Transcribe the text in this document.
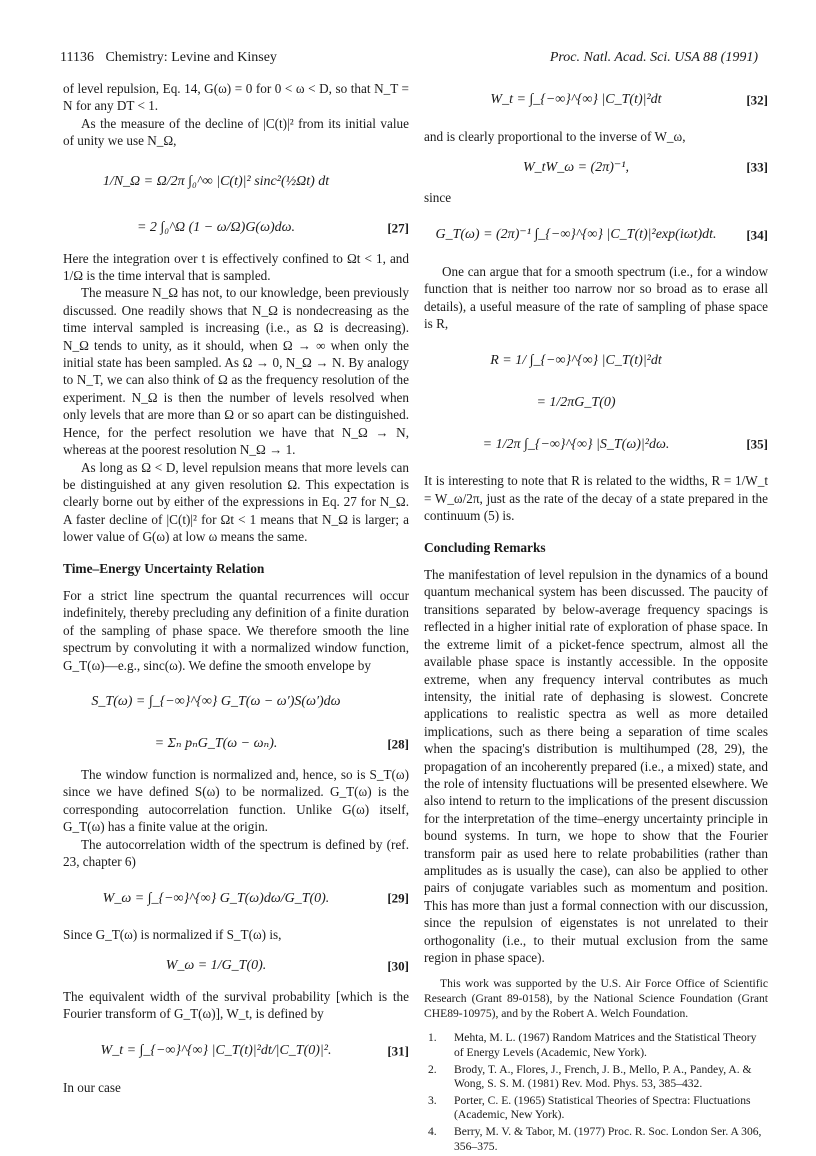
11136 Chemistry: Levine and Kinsey	Proc. Natl. Acad. Sci. USA 88 (1991)

of level repulsion, Eq. 14, G(ω) = 0 for 0 < ω < D, so that N_T = N for any DT < 1.

As the measure of the decline of |C(t)|² from its initial value of unity we use N_Ω,

1/N_Ω = Ω/2π ∫₀^∞ |C(t)|² sinc²(½Ωt) dt
= 2 ∫₀^Ω (1 − ω/Ω)G(ω)dω.	[27]

Here the integration over t is effectively confined to Ωt < 1, and 1/Ω is the time interval that is sampled.

The measure N_Ω has not, to our knowledge, been previously discussed. One readily shows that N_Ω is nondecreasing as the time interval sampled is increasing (i.e., as Ω is decreasing). N_Ω tends to unity, as it should, when Ω → ∞ when only the initial state has been sampled. As Ω → 0, N_Ω → N. By analogy to N_T, we can also think of Ω as the frequency resolution of the experiment. N_Ω is then the number of levels resolved when only levels that are more than Ω or so apart can be distinguished. Hence, for the perfect resolution we have that N_Ω → N, whereas at the poorest resolution N_Ω → 1.

As long as Ω < D, level repulsion means that more levels can be distinguished at any given resolution Ω. This expectation is clearly borne out by either of the expressions in Eq. 27 for N_Ω. A faster decline of |C(t)|² for Ωt < 1 means that N_Ω is larger; a lower value of G(ω) at low ω means the same.

Time–Energy Uncertainty Relation

For a strict line spectrum the quantal recurrences will occur indefinitely, thereby precluding any definition of a finite duration of the sampling of phase space. We therefore smooth the line spectrum by convoluting it with a normalized window function, G_T(ω)—e.g., sinc(ω). We define the smooth envelope by

S_T(ω) = ∫_{−∞}^{∞} G_T(ω − ω′)S(ω′)dω
= Σₙ pₙG_T(ω − ωₙ).	[28]

The window function is normalized and, hence, so is S_T(ω) since we have defined S(ω) to be normalized. G_T(ω) is the corresponding autocorrelation function. Unlike G(ω) itself, G_T(ω) has a finite value at the origin.

The autocorrelation width of the spectrum is defined by (ref. 23, chapter 6)

W_ω = ∫_{−∞}^{∞} G_T(ω)dω/G_T(0).	[29]

Since G_T(ω) is normalized if S_T(ω) is,

W_ω = 1/G_T(0).	[30]

The equivalent width of the survival probability [which is the Fourier transform of G_T(ω)], W_t, is defined by

W_t = ∫_{−∞}^{∞} |C_T(t)|²dt/|C_T(0)|².	[31]

In our case

W_t = ∫_{−∞}^{∞} |C_T(t)|²dt	[32]

and is clearly proportional to the inverse of W_ω,

W_tW_ω = (2π)⁻¹,	[33]

since

G_T(ω) = (2π)⁻¹ ∫_{−∞}^{∞} |C_T(t)|²exp(iωt)dt.	[34]

One can argue that for a smooth spectrum (i.e., for a window function that is neither too narrow nor so broad as to erase all details), a useful measure of the rate of sampling of phase space is R,

R = 1/ ∫_{−∞}^{∞} |C_T(t)|²dt
= 1/2πG_T(0)
= 1/2π ∫_{−∞}^{∞} |S_T(ω)|²dω.	[35]

It is interesting to note that R is related to the widths, R = 1/W_t = W_ω/2π, just as the rate of the decay of a state prepared in the continuum (5) is.

Concluding Remarks

The manifestation of level repulsion in the dynamics of a bound quantum mechanical system has been discussed. The paucity of transitions separated by below-average frequency spacings is reflected in a higher initial rate of exploration of phase space. In the extreme limit of a picket-fence spectrum, almost all the available phase space is instantly accessible. In the opposite extreme, when any frequency interval contributes as much intensity, the initial rate of dephasing is slowest. Concrete applications to realistic spectra as well as more detailed implications, such as there being a separation of time scales when the spacing's distribution is multihumped (28, 29), the propagation of an incoherently prepared (i.e., a mixed) state, and the role of intensity fluctuations will be presented elsewhere. We also intend to return to the implications of the present discussion for the interpretation of the time–energy uncertainty principle in bound systems. In turn, we hope to show that the Fourier transform pair as used here to relate probabilities (rather than amplitudes as is usually the case), can also be applied to other pairs of conjugate variables such as momentum and position. This has more than just a formal connection with our discussion, since the repulsion of eigenstates is not unrelated to their orthogonality (i.e., to their mutual exclusion from the same region in phase space).

This work was supported by the U.S. Air Force Office of Scientific Research (Grant 89-0158), by the National Science Foundation (Grant CHE89-10975), and by the Robert A. Welch Foundation.

1. Mehta, M. L. (1967) Random Matrices and the Statistical Theory of Energy Levels (Academic, New York).
2. Brody, T. A., Flores, J., French, J. B., Mello, P. A., Pandey, A. & Wong, S. S. M. (1981) Rev. Mod. Phys. 53, 385–432.
3. Porter, C. E. (1965) Statistical Theories of Spectra: Fluctuations (Academic, New York).
4. Berry, M. V. & Tabor, M. (1977) Proc. R. Soc. London Ser. A 306, 356–375.
